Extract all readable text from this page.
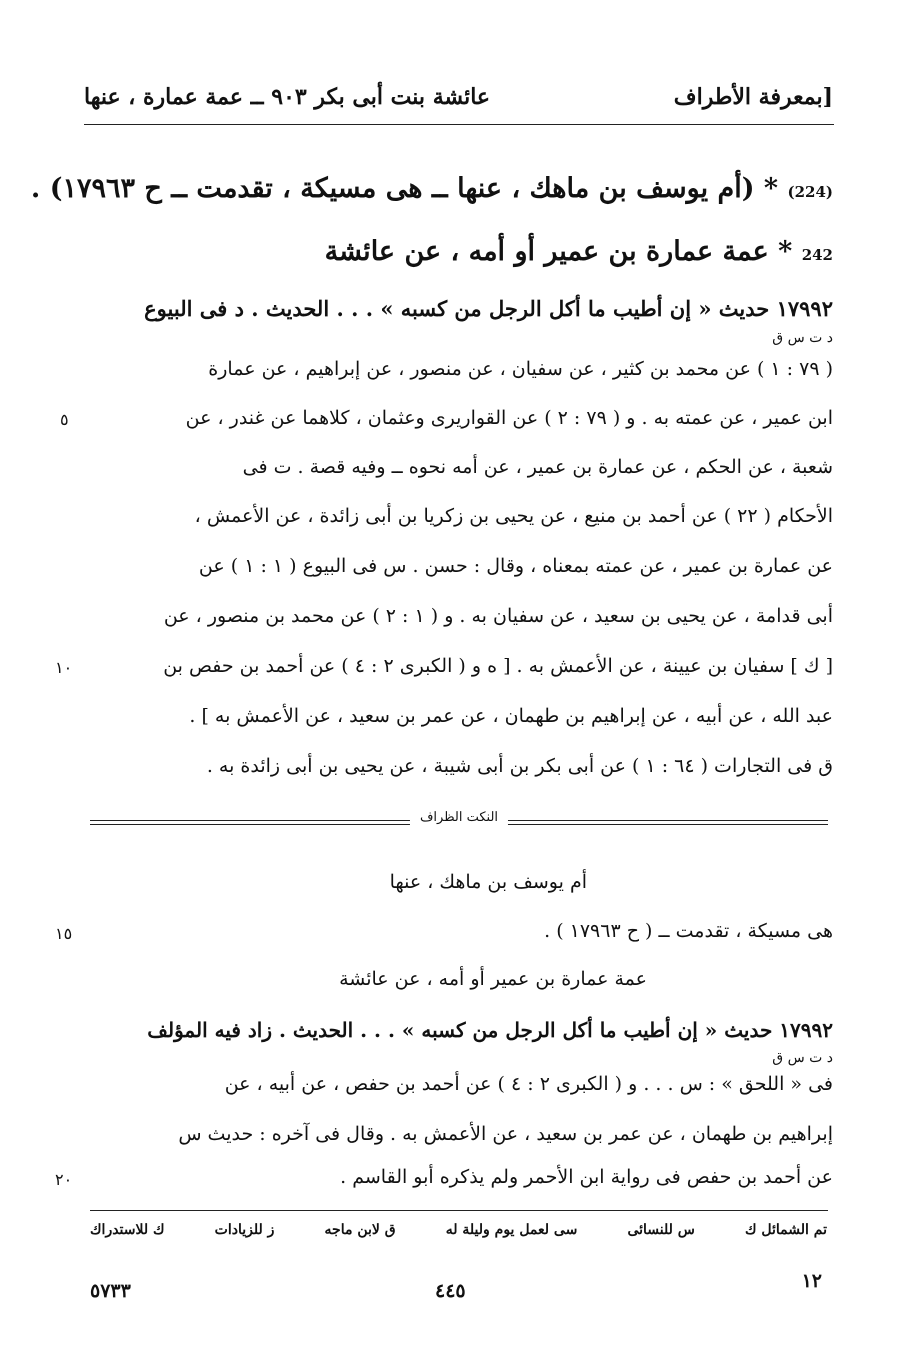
بمعرفة الأطراف]
عائشة بنت أبى بكر ٩٠٣ ــ عمة عمارة ، عنها
(224) * (أم يوسف بن ماهك ، عنها ــ هى مسيكة ، تقدمت ــ ح ١٧٩٦٣) .
242 * عمة عمارة بن عمير أو أمه ، عن عائشة
١٧٩٩٢ حديث « إن أطيب ما أكل الرجل من كسبه » . . . الحديث . د فى البيوع
د ت س ق
( ٧٩ : ١ ) عن محمد بن كثير ، عن سفيان ، عن منصور ، عن إبراهيم ، عن عمارة
ابن عمير ، عن عمته به . و ( ٧٩ : ٢ ) عن القواريرى وعثمان ، كلاهما عن غندر ، عن
شعبة ، عن الحكم ، عن عمارة بن عمير ، عن أمه نحوه ــ وفيه قصة . ت فى
الأحكام ( ٢٢ ) عن أحمد بن منيع ، عن يحيى بن زكريا بن أبى زائدة ، عن الأعمش ،
عن عمارة بن عمير ، عن عمته بمعناه ، وقال : حسن . س فى البيوع ( ١ : ١ ) عن
أبى قدامة ، عن يحيى بن سعيد ، عن سفيان به . و ( ١ : ٢ ) عن محمد بن منصور ، عن
[ ك ] سفيان بن عيينة ، عن الأعمش به . [ ه و ( الكبرى ٢ : ٤ ) عن أحمد بن حفص بن
عبد الله ، عن أبيه ، عن إبراهيم بن طهمان ، عن عمر بن سعيد ، عن الأعمش به ] .
ق فى التجارات ( ٦٤ : ١ ) عن أبى بكر بن أبى شيبة ، عن يحيى بن أبى زائدة به .
٥
١٠
النكت الظراف
أم يوسف بن ماهك ، عنها
هى مسيكة ، تقدمت ــ ( ح ١٧٩٦٣ ) .
عمة عمارة بن عمير أو أمه ، عن عائشة
١٧٩٩٢ حديث « إن أطيب ما أكل الرجل من كسبه » . . . الحديث . زاد فيه المؤلف
د ت س ق
فى « اللحق » : س . . . و ( الكبرى ٢ : ٤ ) عن أحمد بن حفص ، عن أبيه ، عن
إبراهيم بن طهمان ، عن عمر بن سعيد ، عن الأعمش به . وقال فى آخره : حديث س
عن أحمد بن حفص فى رواية ابن الأحمر ولم يذكره أبو القاسم .
١٥
٢٠
ك للاستدراك	ز للزيادات	ق لابن ماجه	سى لعمل يوم وليلة له	س للنسائى	تم الشمائل ك
٥٧٣٣	٤٤٥	١٢
